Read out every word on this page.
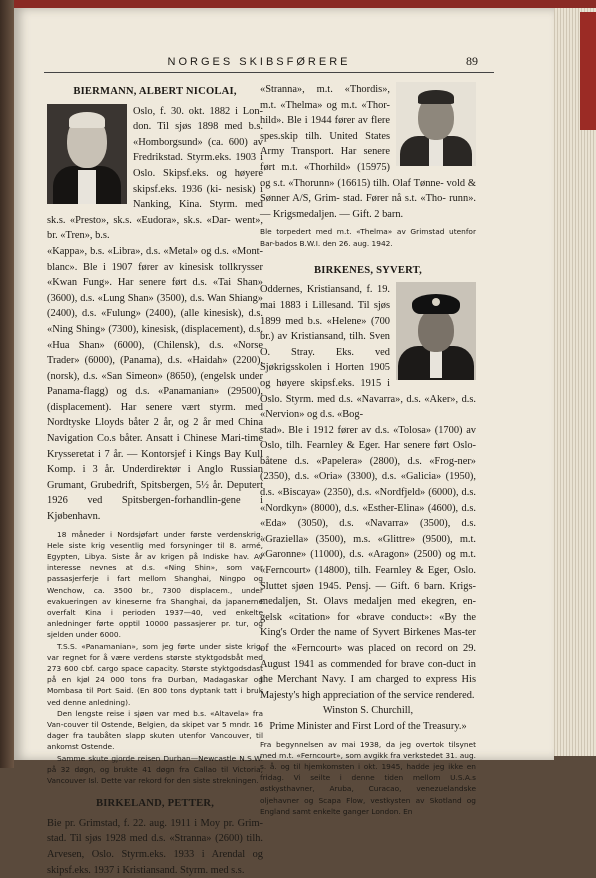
NORGES SKIBSFØRERE	89
BIERMANN, ALBERT NICOLAI,

Oslo, f. 30. okt. 1882 i Lon- don. Til sjøs 1898 med b.s. «Homborgsund» (ca. 600) av Fredrikstad. Styrm.eks. 1903 i Oslo. Skipsf.eks. og høyere skipsf.eks. 1936 (ki- nesisk) i Nanking, Kina. Styrm. med sk.s. «Presto», sk.s. «Eudora», sk.s. «Dar- went», br. «Tren», b.s.

«Kappa», b.s. «Libra», d.s. «Metal» og d.s. «Mont-blanc». Ble i 1907 fører av kinesisk tollkrysser «Kwan Fung». Har senere ført d.s. «Tai Shan» (3600), d.s. «Lung Shan» (3500), d.s. Wan Shiang» (2400), d.s. «Fulung» (2400), (alle kinesisk), d.s. «Ning Shing» (7300), kinesisk, (displacement), d.s. «Hua Shan» (6000), (Chilensk), d.s. «Norse Trader» (6000), (Panama), d.s. «Haidah» (2200), (norsk), d.s. «San Simeon» (8650), (engelsk under Panama-flagg) og d.s. «Panamanian» (29500), (displacement). Har senere vært styrm. med Nordtyske Lloyds båter 2 år, og 2 år med China Navigation Co.s båter. Ansatt i Chinese Mari-time Krysseretat i 7 år. — Kontorsjef i Kings Bay Kull Komp. i 3 år. Underdirektør i Anglo Russian Grumant, Grubedrift, Spitsbergen, 5½ år. Deputert 1926 ved Spitsbergen-forhandlin-gene i Kjøbenhavn.

18 måneder i Nordsjøfart under første verdenskrig. Hele siste krig vesentlig med forsyninger til 8. armé, Egypten, Libya. Siste år av krigen på Indiske hav. Av interesse nevnes at d.s. «Ning Shin», som var passasjerferje i fart mellom Shanghai, Ningpo og Wenchow, ca. 3500 br., 7300 displacem., under evakueringen av kineserne fra Shanghai, da japanerne overfalt Kina i perioden 1937—40, ved enkelte anledninger førte opptil 10000 passasjerer pr. tur, og sjelden under 6000.

T.S.S. «Panamanian», som jeg førte under siste krig, var regnet for å være verdens største styktgodsbåt med 273 600 cbf. cargo space capacity. Største styktgodsdast på en kjøl 24 000 tons fra Durban, Madagaskar og Mombasa til Port Said. (En 800 tons dyptank tatt i bruk ved denne anledning).

Den lengste reise i sjøen var med b.s. «Altavela» fra Van-couver til Ostende, Belgien, da skipet var 5 mndr. 16 dager fra taubåten slapp skuten utenfor Vancouver, til ankomst Ostende.

Samme skute gjorde reisen Durban—Newcastle N.S.W. på 32 døgn, og brukte 41 døgn fra Callao til Victoria, Vancouver Isl. Dette var rekord for den siste strekningen.

BIRKELAND, PETTER,

Bie pr. Grimstad, f. 22. aug. 1911 i Moy pr. Grim-stad. Til sjøs 1928 med d.s. «Stranna» (2600) tilh. Arvesen, Oslo. Styrm.eks. 1933 i Arendal og skipsf.eks. 1937 i Kristiansand. Styrm. med s.s.

«Stranna», m.t. «Thordis», m.t. «Thelma» og m.t. «Thor- hild». Ble i 1944 fører av flere spes.skip tilh. United States Army Transport. Har senere ført m.t. «Thorhild» (15975) og s.t. «Thorunn» (16615) tilh. Olaf Tønne- vold & Sønner A/S, Grim- stad. Fører nå s.t. «Tho- runn». — Krigsmedaljen. — Gift. 2 barn.

Ble torpedert med m.t. «Thelma» av Grimstad utenfor Bar-bados B.W.I. den 26. aug. 1942.

BIRKENES, SYVERT,

Oddernes, Kristiansand, f. 19. mai 1883 i Lillesand. Til sjøs 1899 med b.s. «Helene» (700 br.) av Kristiansand, tilh. Sven O. Stray. Eks. ved Sjøkrigsskolen i Horten 1905 og høyere skipsf.eks. 1915 i Oslo. Styrm. med d.s. «Navarra», d.s. «Aker», d.s. «Nervion» og d.s. «Bog-

stad». Ble i 1912 fører av d.s. «Tolosa» (1700) av Oslo, tilh. Fearnley & Eger. Har senere ført Oslo-båtene d.s. «Papelera» (2800), d.s. «Frog-ner» (2350), d.s. «Oria» (3300), d.s. «Galicia» (1950), d.s. «Biscaya» (2350), d.s. «Nordfjeld» (6000), d.s. «Nordkyn» (8000), d.s. «Esther-Elina» (4600), d.s. «Eda» (3050), d.s. «Navarra» (3500), d.s. «Graziella» (3500), m.s. «Glittre» (9500), m.t. «Garonne» (11000), d.s. «Aragon» (2500) og m.t. «Ferncourt» (14800), tilh. Fearnley & Eger, Oslo. Sluttet sjøen 1945. Pensj. — Gift. 6 barn. Krigs-medaljen, St. Olavs medaljen med ekegren, en-gelsk «citation» for «brave conduct»: «By the King's Order the name of Syvert Birkenes Mas-ter of the «Ferncourt» was placed on record on 29. August 1941 as commended for brave con-duct in the Merchant Navy. I am charged to express His Majesty's high appreciation of the service rendered.

Winston S. Churchill,

Prime Minister and First Lord of the Treasury.»

Fra begynnelsen av mai 1938, da jeg overtok tilsynet med m.t. «Ferncourt», som avgikk fra verkstedet 31. aug. s. å. og til hjemkomsten i okt. 1945, hadde jeg ikke en fridag. Vi seilte i denne tiden mellom U.S.A.s østkysthavner, Aruba, Curacao, venezuelandske oljehavner og Scapa Flow, vestkysten av Skotland og England samt enkelte ganger London. En
